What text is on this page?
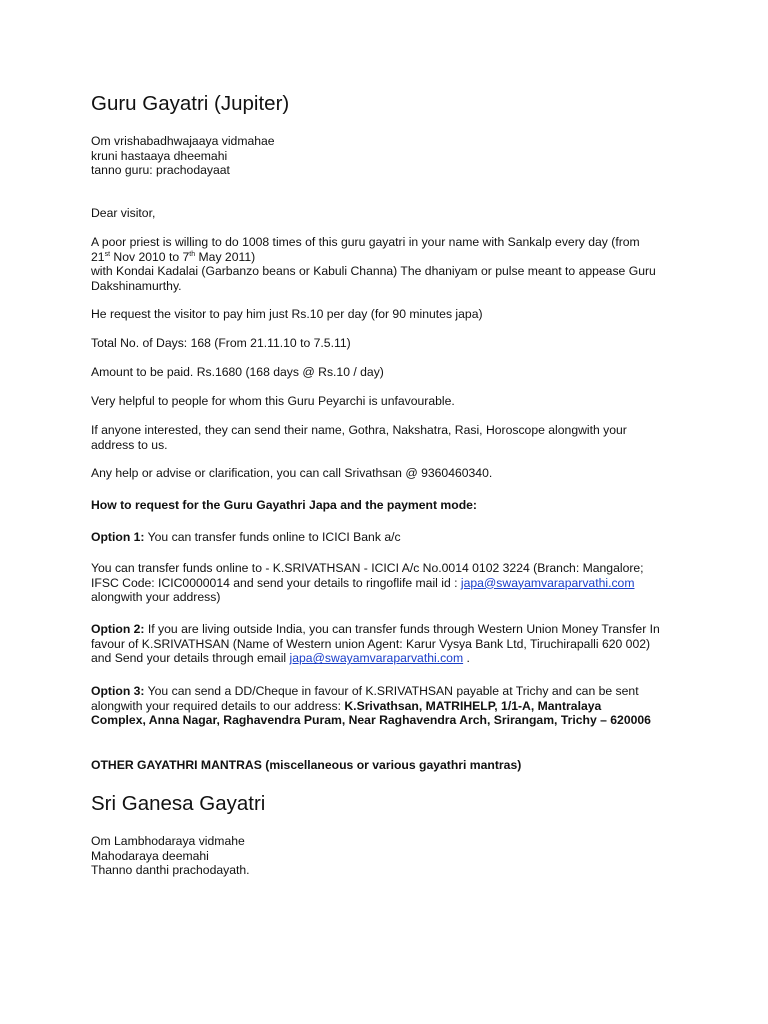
Guru Gayatri (Jupiter)
Om vrishabadhwajaaya vidmahae
kruni hastaaya dheemahi
tanno guru: prachodayaat
Dear visitor,
A poor priest is willing to do 1008 times of this guru gayatri in your name with Sankalp every day (from
21st Nov 2010 to 7th May 2011)
with Kondai Kadalai (Garbanzo beans or Kabuli Channa) The dhaniyam or pulse meant to appease Guru
Dakshinamurthy.
He request the visitor to pay him just Rs.10 per day (for 90 minutes japa)
Total No. of Days: 168 (From 21.11.10 to 7.5.11)
Amount to be paid. Rs.1680 (168 days @ Rs.10 / day)
Very helpful to people for whom this Guru Peyarchi is unfavourable.
If anyone interested, they can send their name, Gothra, Nakshatra, Rasi, Horoscope alongwith your
address to us.
Any help or advise or clarification, you can call Srivathsan @ 9360460340.
How to request for the Guru Gayathri Japa and the payment mode:
Option 1: You can transfer funds online to ICICI Bank a/c
You can transfer funds online to - K.SRIVATHSAN - ICICI A/c No.0014 0102 3224 (Branch: Mangalore;
IFSC Code: ICIC0000014 and send your details to ringoflife mail id : japa@swayamvaraparvathi.com
alongwith your address)
Option 2: If you are living outside India, you can transfer funds through Western Union Money Transfer In
favour of K.SRIVATHSAN (Name of Western union Agent: Karur Vysya Bank Ltd, Tiruchirapalli 620 002)
and Send your details through email japa@swayamvaraparvathi.com .
Option 3: You can send a DD/Cheque in favour of K.SRIVATHSAN payable at Trichy and can be sent
alongwith your required details to our address: K.Srivathsan, MATRIHELP, 1/1-A, Mantralaya
Complex, Anna Nagar, Raghavendra Puram, Near Raghavendra Arch, Srirangam, Trichy – 620006
OTHER GAYATHRI MANTRAS (miscellaneous or various gayathri mantras)
Sri Ganesa Gayatri
Om Lambhodaraya vidmahe
Mahodaraya deemahi
Thanno danthi prachodayath.
